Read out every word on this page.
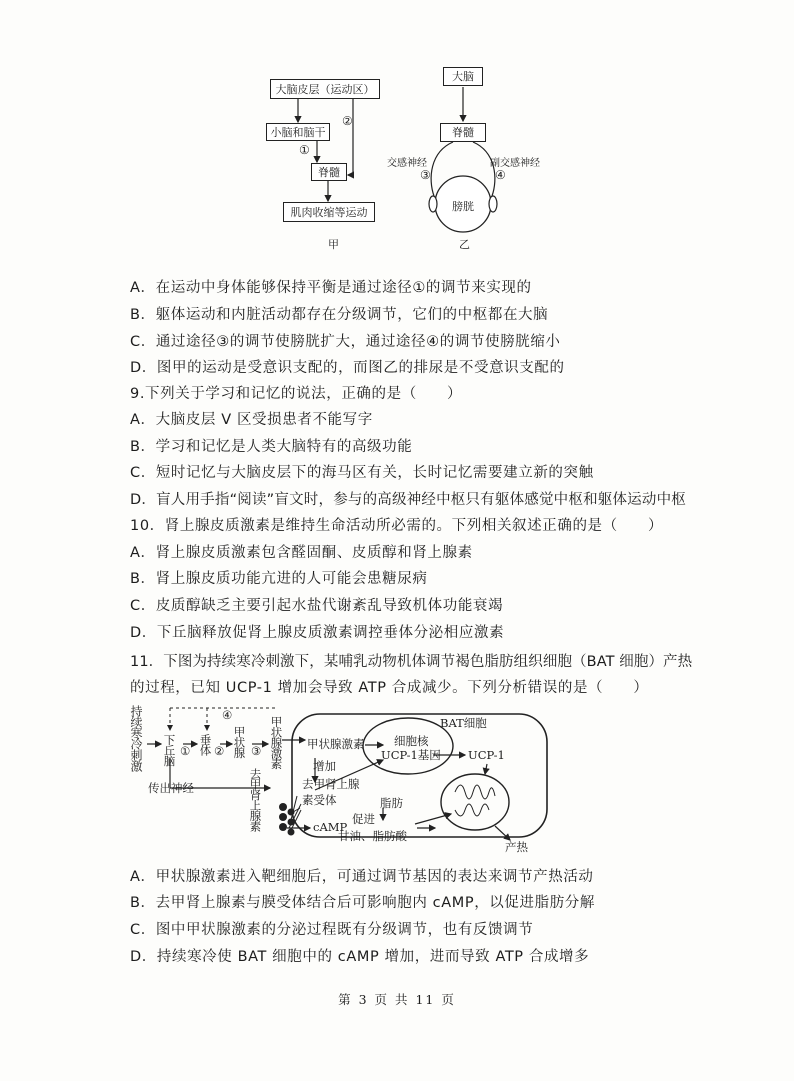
大脑皮层（运动区）
小脑和脑干
脊髓
肌肉收缩等运动
①
②
甲
大脑
脊髓
膀胱
交感神经	副交感神经
③	④
乙
A．在运动中身体能够保持平衡是通过途径①的调节来实现的
B．躯体运动和内脏活动都存在分级调节，它们的中枢都在大脑
C．通过途径③的调节使膀胱扩大，通过途径④的调节使膀胱缩小
D．图甲的运动是受意识支配的，而图乙的排尿是不受意识支配的
9.下列关于学习和记忆的说法，正确的是（　　）
A．大脑皮层 V 区受损患者不能写字
B．学习和记忆是人类大脑特有的高级功能
C．短时记忆与大脑皮层下的海马区有关，长时记忆需要建立新的突触
D．盲人用手指“阅读”盲文时，参与的高级神经中枢只有躯体感觉中枢和躯体运动中枢
10．肾上腺皮质激素是维持生命活动所必需的。下列相关叙述正确的是（　　）
A．肾上腺皮质激素包含醛固酮、皮质醇和肾上腺素
B．肾上腺皮质功能亢进的人可能会患糖尿病
C．皮质醇缺乏主要引起水盐代谢紊乱导致机体功能衰竭
D．下丘脑释放促肾上腺皮质激素调控垂体分泌相应激素
11．下图为持续寒冷刺激下，某哺乳动物机体调节褐色脂肪组织细胞（BAT 细胞）产热
的过程，已知 UCP-1 增加会导致 ATP 合成减少。下列分析错误的是（　　）
持续寒冷刺激 下丘脑 垂体 甲状腺 甲状腺激素
去甲肾上腺素
① ② ③
④
传出神经
BAT细胞
甲状腺激素
增加
细胞核
UCP-1基因 UCP-1
去甲肾上腺素受体
cAMP
促进
脂肪
甘油、脂肪酸
产热
A．甲状腺激素进入靶细胞后，可通过调节基因的表达来调节产热活动
B．去甲肾上腺素与膜受体结合后可影响胞内 cAMP，以促进脂肪分解
C．图中甲状腺激素的分泌过程既有分级调节，也有反馈调节
D．持续寒冷使 BAT 细胞中的 cAMP 增加，进而导致 ATP 合成增多
第 3 页 共 11 页
